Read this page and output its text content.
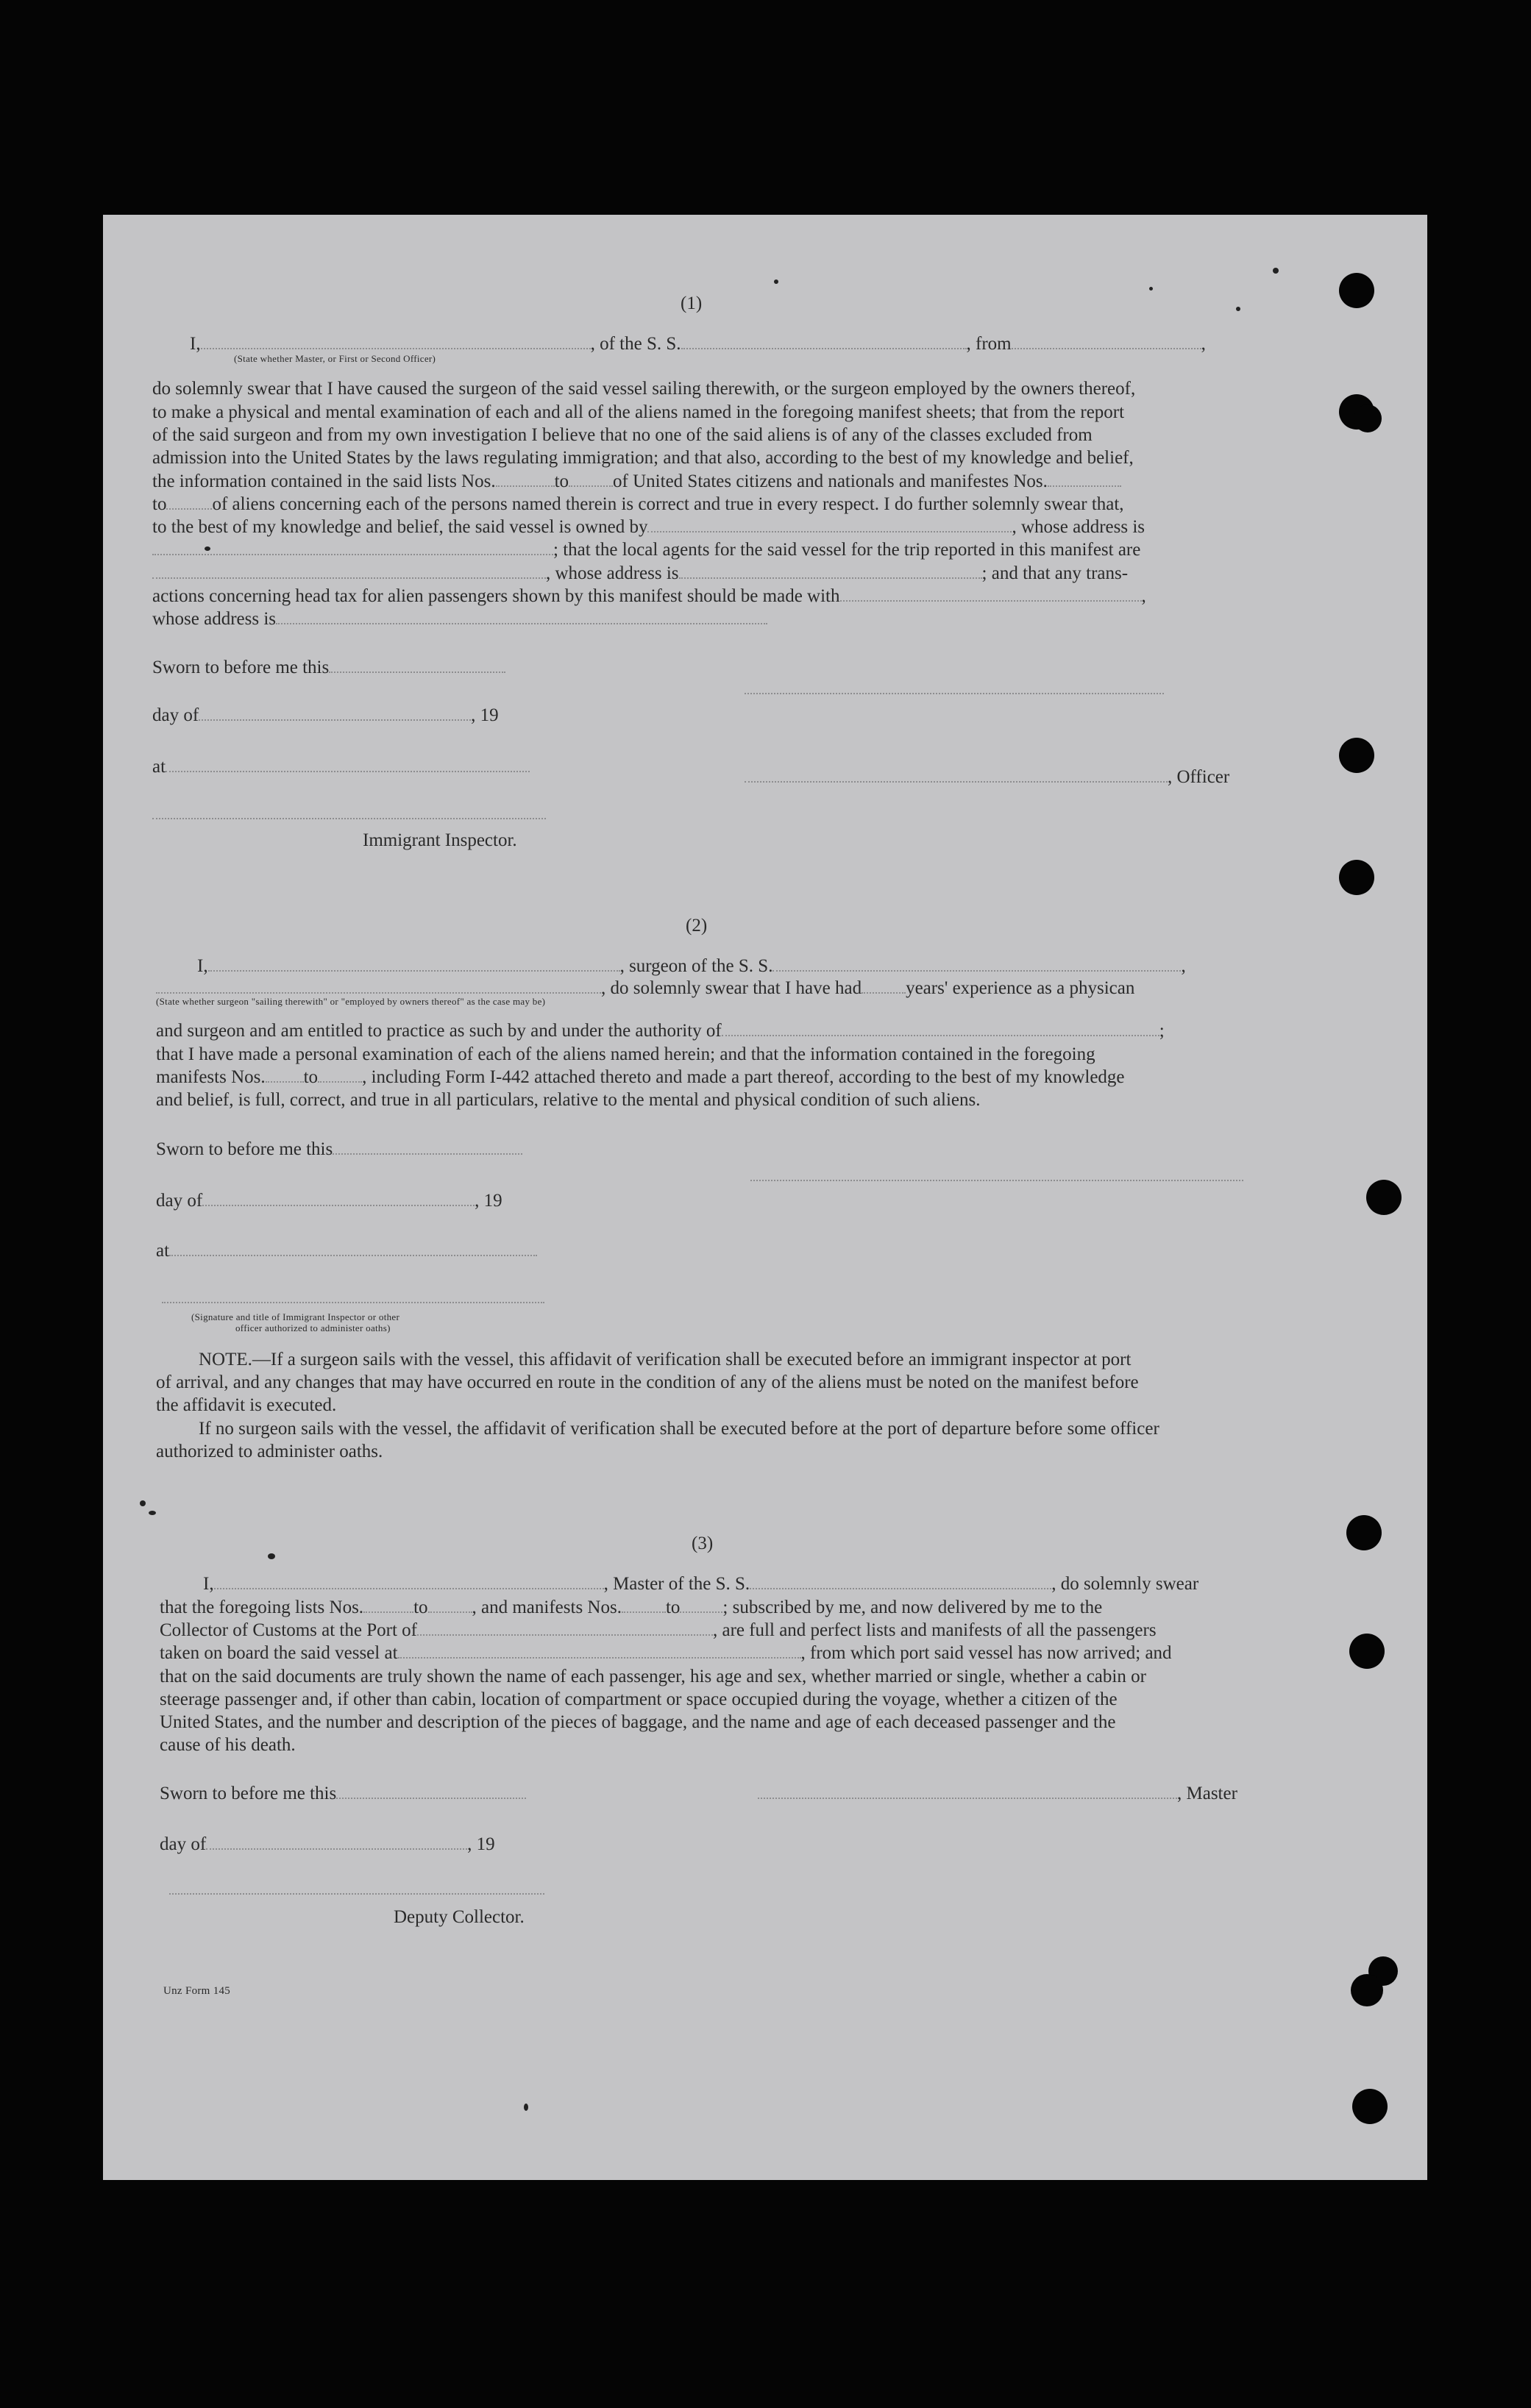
(1)
I,	, of the S. S.	, from	,
(State whether Master, or First or Second Officer)
do solemnly swear that I have caused the surgeon of the said vessel sailing therewith, or the surgeon employed by the owners thereof,
to make a physical and mental examination of each and all of the aliens named in the foregoing manifest sheets; that from the report
of the said surgeon and from my own investigation I believe that no one of the said aliens is of any of the classes excluded from
admission into the United States by the laws regulating immigration; and that also, according to the best of my knowledge and belief,
the information contained in the said lists Nos.	to of United States citizens and nationals and manifestes Nos.
to of aliens concerning each of the persons named therein is correct and true in every respect. I do further solemnly swear that,
to the best of my knowledge and belief, the said vessel is owned by	, whose address is
; that the local agents for the said vessel for the trip reported in this manifest are
, whose address is	; and that any trans-
actions concerning head tax for alien passengers shown by this manifest should be made with	,
whose address is
Sworn to before me this
day of	, 19
at
, Officer
Immigrant Inspector.
(2)
I,	, surgeon of the S. S.	,
, do solemnly swear that I have had years' experience as a physican
(State whether surgeon "sailing therewith" or "employed by owners thereof" as the case may be)
and surgeon and am entitled to practice as such by and under the authority of	;
that I have made a personal examination of each of the aliens named herein; and that the information contained in the foregoing
manifests Nos. to , including Form I-442 attached thereto and made a part thereof, according to the best of my knowledge
and belief, is full, correct, and true in all particulars, relative to the mental and physical condition of such aliens.
Sworn to before me this
day of	, 19
at
(Signature and title of Immigrant Inspector or other
officer authorized to administer oaths)
NOTE.—If a surgeon sails with the vessel, this affidavit of verification shall be executed before an immigrant inspector at port
of arrival, and any changes that may have occurred en route in the condition of any of the aliens must be noted on the manifest before
the affidavit is executed.
If no surgeon sails with the vessel, the affidavit of verification shall be executed before at the port of departure before some officer
authorized to administer oaths.
(3)
I,	, Master of the S. S.	, do solemnly swear
that the foregoing lists Nos.	to , and manifests Nos. to ; subscribed by me, and now delivered by me to the
Collector of Customs at the Port of	, are full and perfect lists and manifests of all the passengers
taken on board the said vessel at	, from which port said vessel has now arrived; and
that on the said documents are truly shown the name of each passenger, his age and sex, whether married or single, whether a cabin or
steerage passenger and, if other than cabin, location of compartment or space occupied during the voyage, whether a citizen of the
United States, and the number and description of the pieces of baggage, and the name and age of each deceased passenger and the
cause of his death.
Sworn to before me this	, Master
day of	, 19
Deputy Collector.
Unz Form 145
